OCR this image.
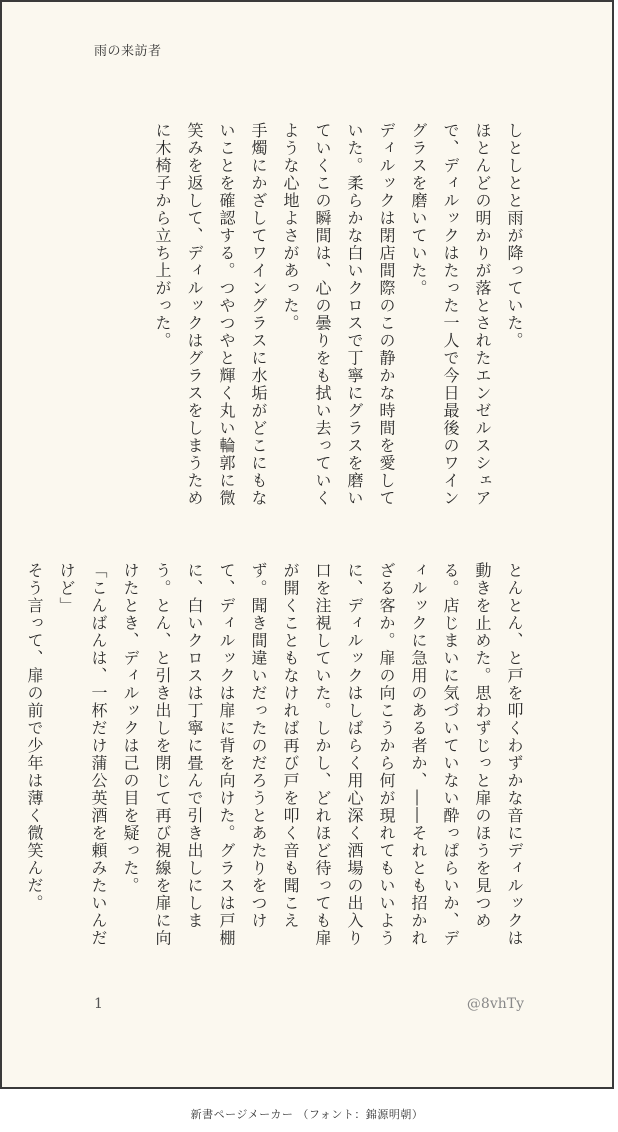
雨の来訪者

しとしとと雨が降っていた。

ほとんどの明かりが落とされたエンゼルスシェアで、ディルックはたった一人で今日最後のワイングラスを磨いていた。

ディルックは閉店間際のこの静かな時間を愛していた。柔らかな白いクロスで丁寧にグラスを磨いていくこの瞬間は、心の曇りをも拭い去っていくような心地よさがあった。

手燭にかざしてワイングラスに水垢がどこにもないことを確認する。つやつやと輝く丸い輪郭に微笑みを返して、ディルックはグラスをしまうために木椅子から立ち上がった。

とんとん、と戸を叩くわずかな音にディルックは動きを止めた。思わずじっと扉のほうを見つめる。店じまいに気づいていない酔っぱらいか、ディルックに急用のある者か、――それとも招かれざる客か。扉の向こうから何が現れてもいいように、ディルックはしばらく用心深く酒場の出入り口を注視していた。しかし、どれほど待っても扉が開くこともなければ再び戸を叩く音も聞こえず。聞き間違いだったのだろうとあたりをつけて、ディルックは扉に背を向けた。グラスは戸棚に、白いクロスは丁寧に畳んで引き出しにしまう。とん、と引き出しを閉じて再び視線を扉に向けたとき、ディルックは己の目を疑った。

「こんばんは、一杯だけ蒲公英酒を頼みたいんだけど」

そう言って、扉の前で少年は薄く微笑んだ。

1	@8vhTy
新書ページメーカー （フォント：錦源明朝）
